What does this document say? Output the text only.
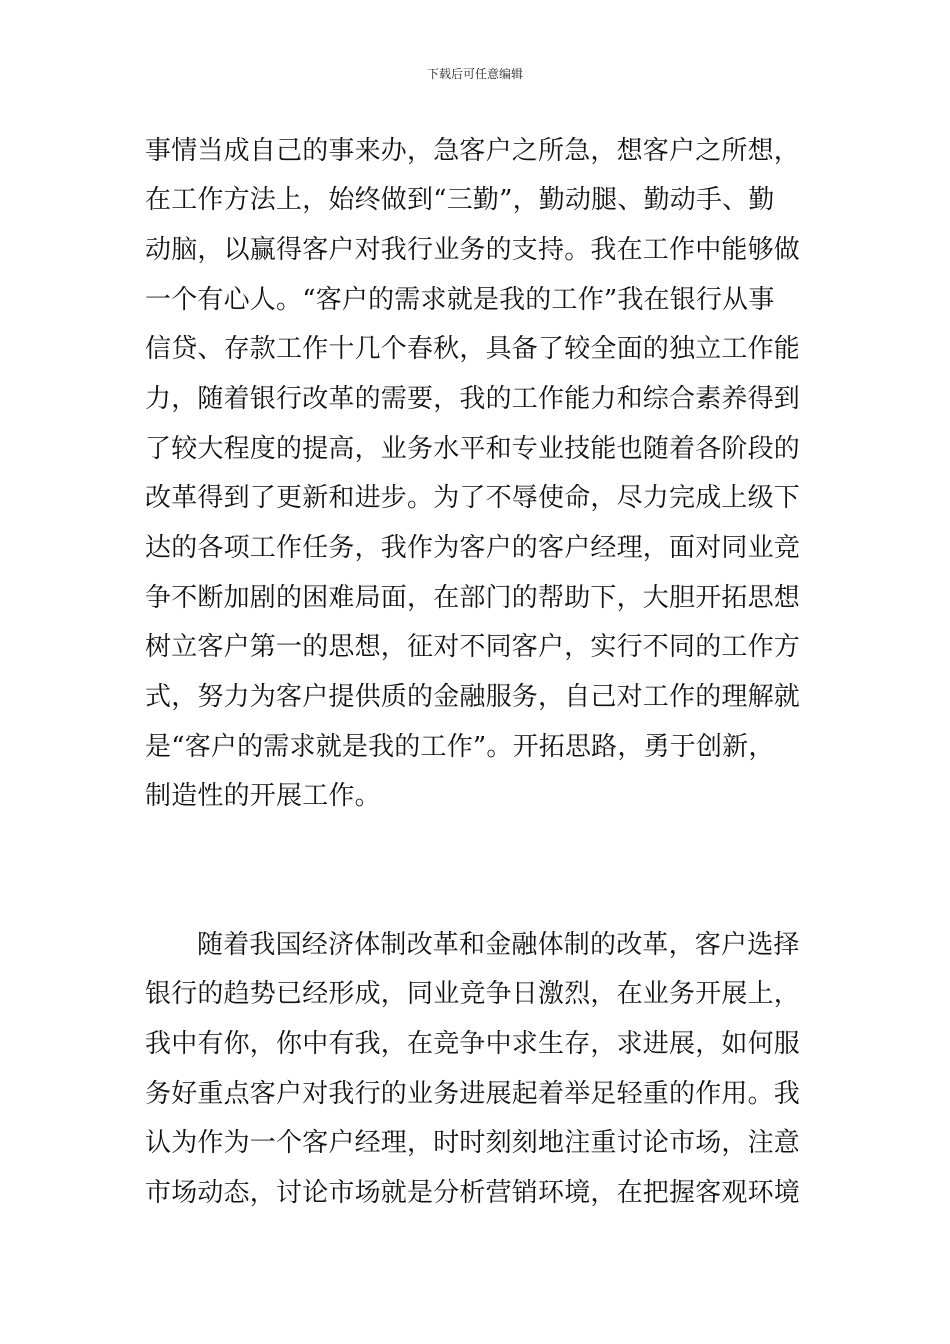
下载后可任意编辑
事情当成自己的事来办，急客户之所急，想客户之所想，
在工作方法上，始终做到“三勤”，勤动腿、勤动手、勤
动脑，以赢得客户对我行业务的支持。我在工作中能够做
一个有心人。“客户的需求就是我的工作”我在银行从事
信贷、存款工作十几个春秋，具备了较全面的独立工作能
力，随着银行改革的需要，我的工作能力和综合素养得到
了较大程度的提高，业务水平和专业技能也随着各阶段的
改革得到了更新和进步。为了不辱使命，尽力完成上级下
达的各项工作任务，我作为客户的客户经理，面对同业竞
争不断加剧的困难局面，在部门的帮助下，大胆开拓思想
树立客户第一的思想，征对不同客户，实行不同的工作方
式，努力为客户提供质的金融服务，自己对工作的理解就
是“客户的需求就是我的工作”。开拓思路，勇于创新，
制造性的开展工作。
随着我国经济体制改革和金融体制的改革，客户选择
银行的趋势已经形成，同业竞争日激烈，在业务开展上，
我中有你，你中有我，在竞争中求生存，求进展，如何服
务好重点客户对我行的业务进展起着举足轻重的作用。我
认为作为一个客户经理，时时刻刻地注重讨论市场，注意
市场动态，讨论市场就是分析营销环境，在把握客观环境
